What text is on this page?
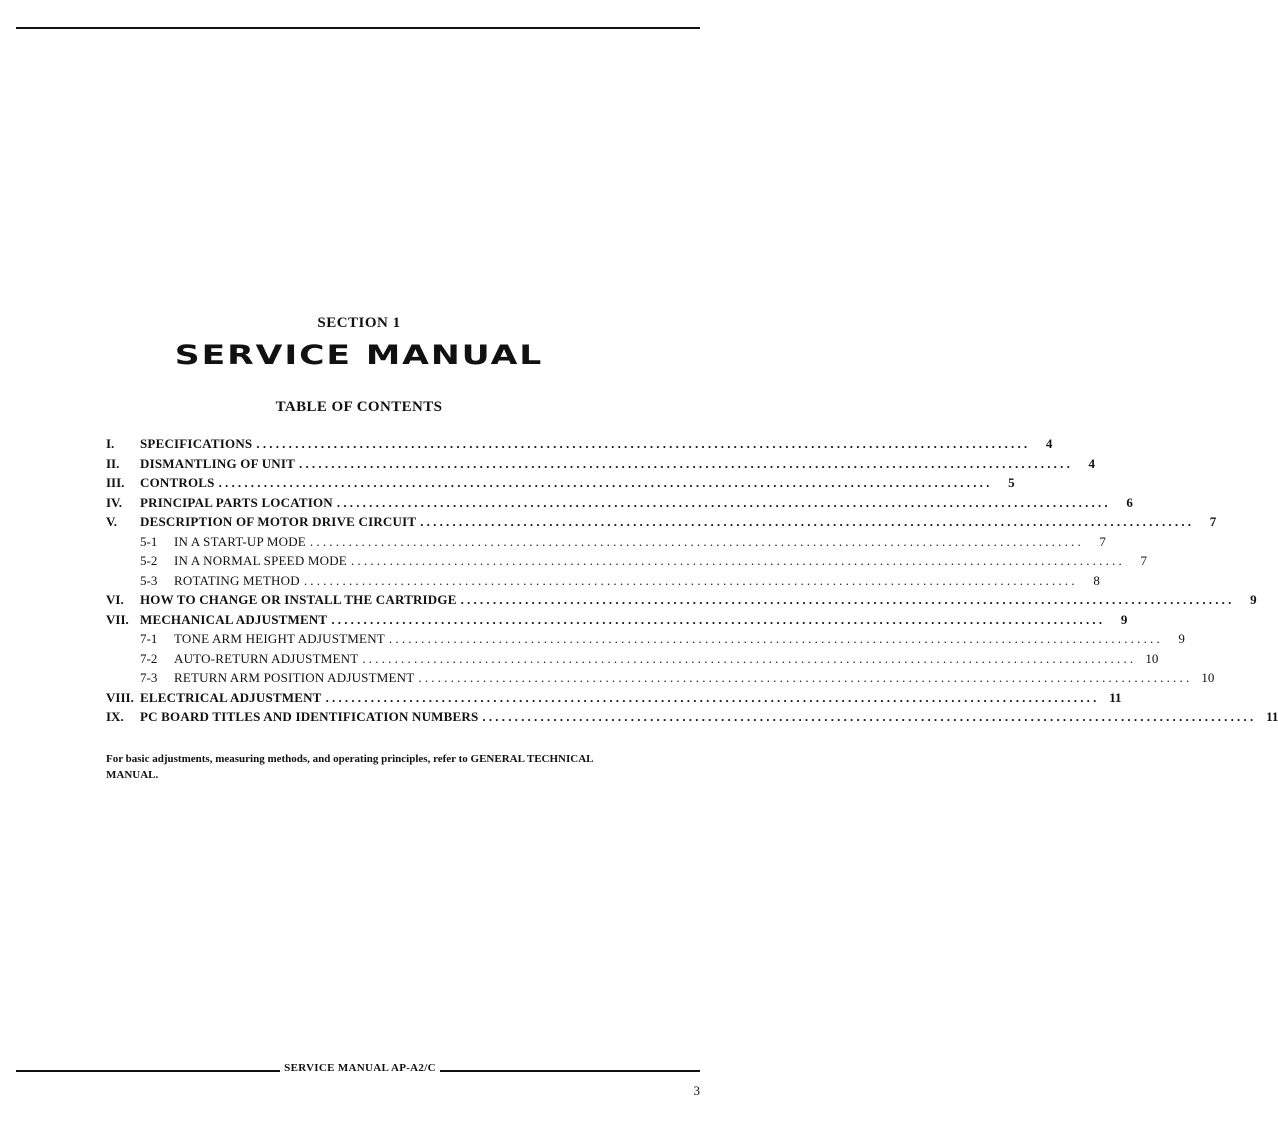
SECTION 1
SERVICE MANUAL
TABLE OF CONTENTS
I.	SPECIFICATIONS ........................................................................................................................	4
II.	DISMANTLING OF UNIT ........................................................................................................................	4
III.	CONTROLS ........................................................................................................................	5
IV.	PRINCIPAL PARTS LOCATION ........................................................................................................................	6
V.	DESCRIPTION OF MOTOR DRIVE CIRCUIT ........................................................................................................................	7
5-1	IN A START-UP MODE ........................................................................................................................	7
5-2	IN A NORMAL SPEED MODE ........................................................................................................................	7
5-3	ROTATING METHOD ........................................................................................................................	8
VI.	HOW TO CHANGE OR INSTALL THE CARTRIDGE ........................................................................................................................	9
VII. MECHANICAL ADJUSTMENT ........................................................................................................................	9
7-1	TONE ARM HEIGHT ADJUSTMENT ........................................................................................................................	9
7-2	AUTO-RETURN ADJUSTMENT ........................................................................................................................ 10
7-3	RETURN ARM POSITION ADJUSTMENT ........................................................................................................................ 10
VIII. ELECTRICAL ADJUSTMENT ........................................................................................................................ 11
IX.	PC BOARD TITLES AND IDENTIFICATION NUMBERS ........................................................................................................................ 11
For basic adjustments, measuring methods, and operating principles, refer to GENERAL TECHNICAL MANUAL.
SERVICE MANUAL AP-A2/C
3
